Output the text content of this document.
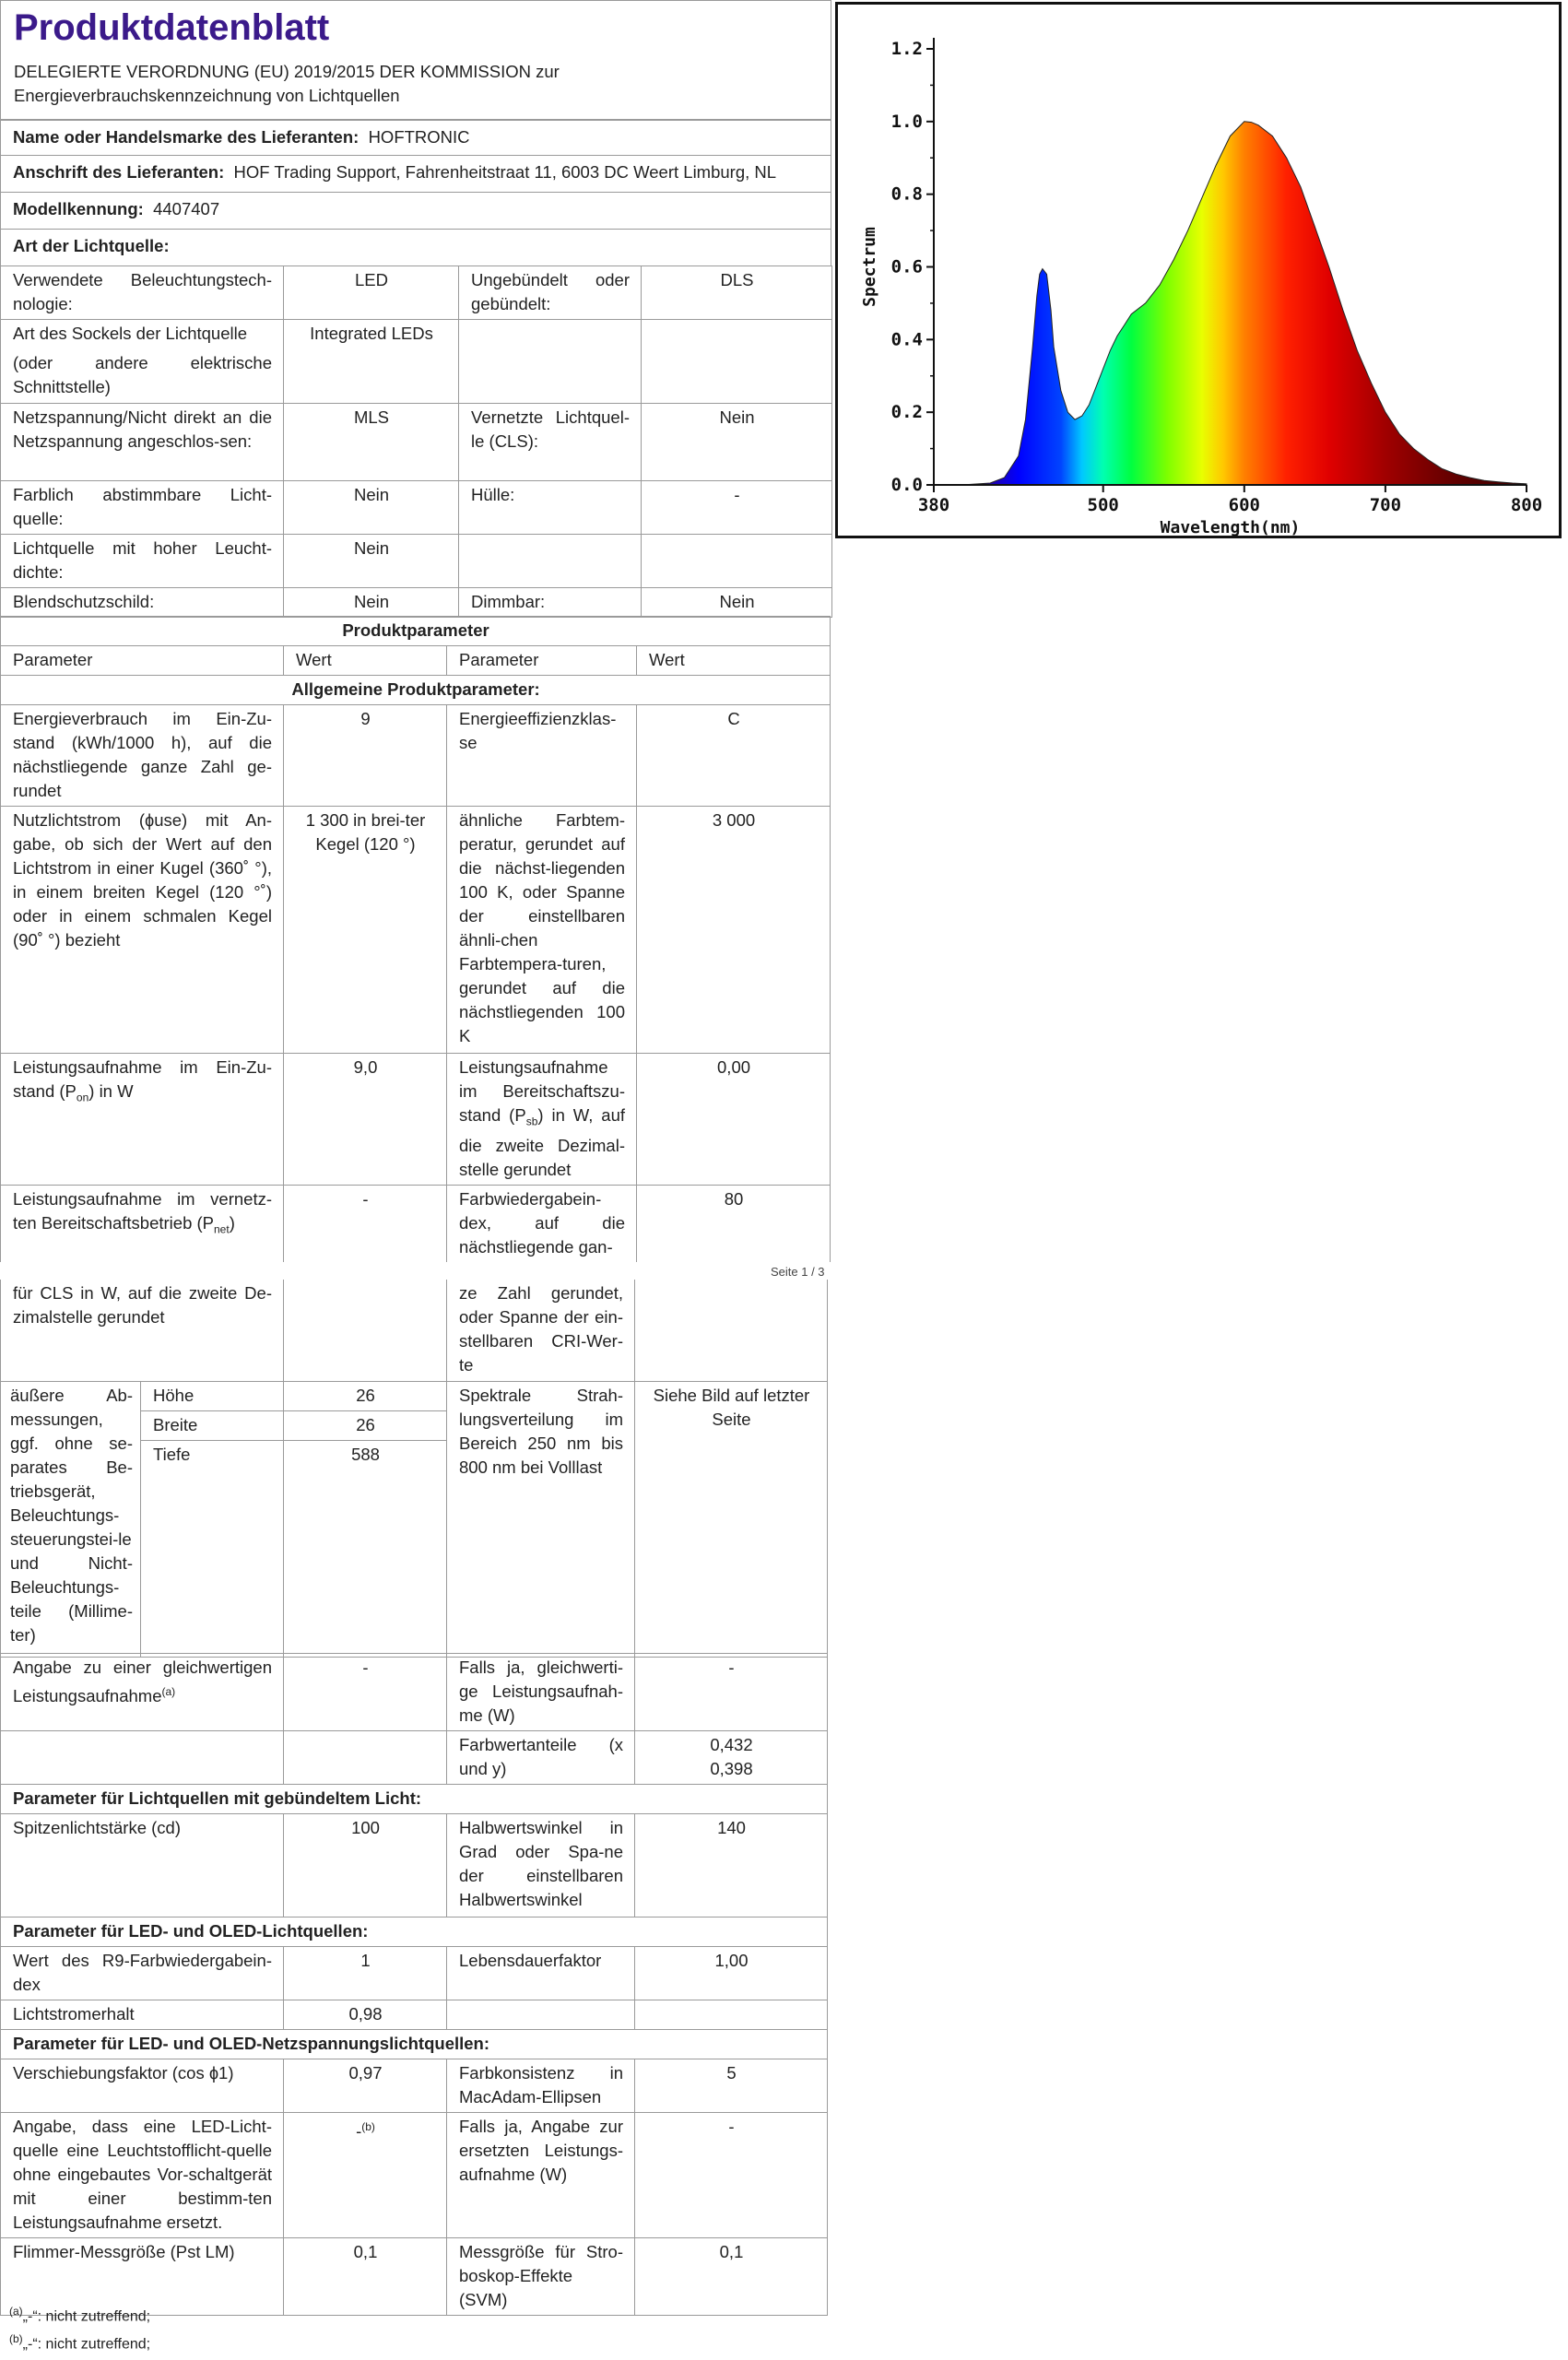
Produktdatenblatt
DELEGIERTE VERORDNUNG (EU) 2019/2015 DER KOMMISSION zur
Energieverbrauchskennzeichnung von Lichtquellen
Name oder Handelsmarke des Lieferanten: HOFTRONIC
Anschrift des Lieferanten: HOF Trading Support, Fahrenheitstraat 11, 6003 DC Weert Limburg, NL
Modellkennung: 4407407
Art der Lichtquelle:
Verwendete Beleuchtungstech-nologie:	LED	Ungebündelt oder gebündelt:	DLS

Art des Sockels der Lichtquelle
(oder andere elektrische Schnittstelle)	Integrated LEDs		
Netzspannung/Nicht direkt an die Netzspannung angeschlos-sen:	MLS	Vernetzte Lichtquel-le (CLS):	Nein
Farblich abstimmbare Licht-quelle:	Nein	Hülle:	-
Lichtquelle mit hoher Leucht-dichte:	Nein		
Blendschutzschild:	Nein	Dimmbar:	Nein
Produktparameter			
Parameter	Wert	Parameter	Wert
Allgemeine Produktparameter:			
Energieverbrauch im Ein-Zu-stand (kWh/1000 h), auf die nächstliegende ganze Zahl ge-rundet	9	Energieeffizienzklas-se	C
Nutzlichtstrom (ɸuse) mit An-gabe, ob sich der Wert auf den Lichtstrom in einer Kugel (360˚ °), in einem breiten Kegel (120 °˚) oder in einem schmalen Kegel (90˚ °) bezieht	1 300 in brei-ter Kegel (120 °)	ähnliche Farbtem-peratur, gerundet auf die nächst-liegenden 100 K, oder Spanne der einstellbaren ähnli-chen Farbtempera-turen, gerundet auf die nächstliegenden 100 K	3 000
Leistungsaufnahme im Ein-Zu-stand $(P_{on})$ in W	9,0	Leistungsaufnahme im Bereitschaftszu-stand $(P_{sb})$ in W, auf die zweite Dezimal-stelle gerundet	0,00
Leistungsaufnahme im vernetz-ten Bereitschaftsbetrieb $(P_{net})$	-	Farbwiedergabein-dex, auf die nächstliegende gan-	80
Seite 1 / 3
für CLS in W, auf die zweite De-zimalstelle gerundet		ze Zahl gerundet, oder Spanne der ein-stellbaren CRI-Wer-te	
äußere Ab-messungen, ggf. ohne se-parates Be-triebsgerät, Beleuchtungs-steuerungstei-le und Nicht-Beleuchtungs-teile (Millime-ter)	Höhe	26	Spektrale Strah-lungsverteilung im Bereich 250 nm bis 800 nm bei Volllast	Siehe Bild auf letzter Seite
	Breite	26		
	Tiefe	588		
Angabe zu einer gleichwertigen Leistungsaufnahme$^{(a)}$	-	Falls ja, gleichwerti-ge Leistungsaufnah-me (W)	-
		Farbwertanteile (x und y)	0,432
0,398

Parameter für Lichtquellen mit gebündeltem Licht:			
Spitzenlichtstärke (cd)	100	Halbwertswinkel in Grad oder Spa-ne der einstellbaren Halbwertswinkel	140
Parameter für LED- und OLED-Lichtquellen:			
Wert des R9-Farbwiedergabein-dex	1	Lebensdauerfaktor	1,00
Lichtstromerhalt	0,98		
Parameter für LED- und OLED-Netzspannungslichtquellen:			
Verschiebungsfaktor (cos ɸ1)	0,97	Farbkonsistenz in MacAdam-Ellipsen	5
Angabe, dass eine LED-Licht-quelle eine Leuchtstofflicht-quelle ohne eingebautes Vor-schaltgerät mit einer bestimm-ten Leistungsaufnahme ersetzt.	-$^{(b)}$	Falls ja, Angabe zur ersetzten Leistungs-aufnahme (W)	-
Flimmer-Messgröße (Pst LM)	0,1	Messgröße für Stro-boskop-Effekte (SVM)	0,1
$^{(a)}$„-“: nicht zutreffend;
$^{(b)}$„-“: nicht zutreffend;
0.0
0.2
0.4
0.6
0.8
1.0
1.2
380	500	600	700	800
Wavelength(nm)
Spectrum
